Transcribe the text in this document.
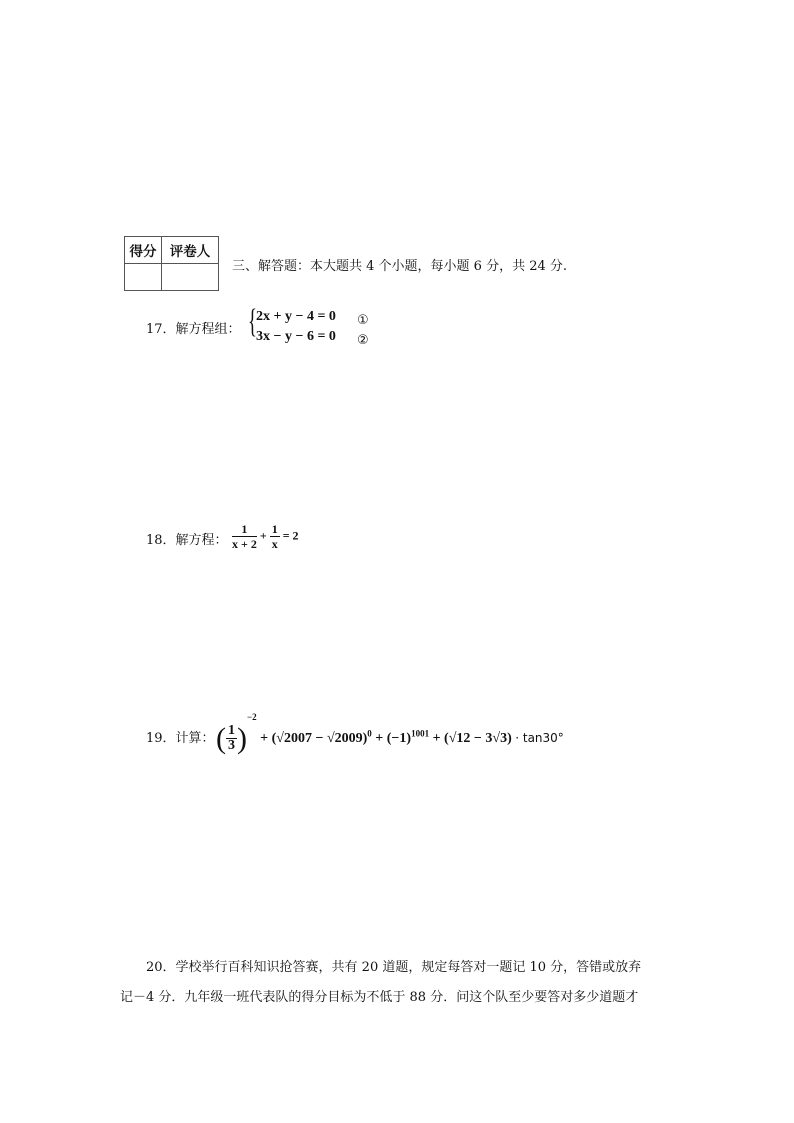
得分	评卷人

三、解答题：本大题共 4 个小题，每小题 6 分，共 24 分.
17．解方程组： { 2x + y − 4 = 0
3x − y − 6 = 0
①
②
18．解方程： $\frac{1}{x + 2} + \frac{1}{x} = 2$
19．计算： ( $\frac{1}{3} )^{-2} + (√2007 - √2009)^0 + (-1)^{1001} + (√12 - 3√3) \cdot \tan 30^\circ$
20．学校举行百科知识抢答赛，共有 20 道题，规定每答对一题记 10 分，答错或放弃
记－4 分．九年级一班代表队的得分目标为不低于 88 分．问这个队至少要答对多少道题才
